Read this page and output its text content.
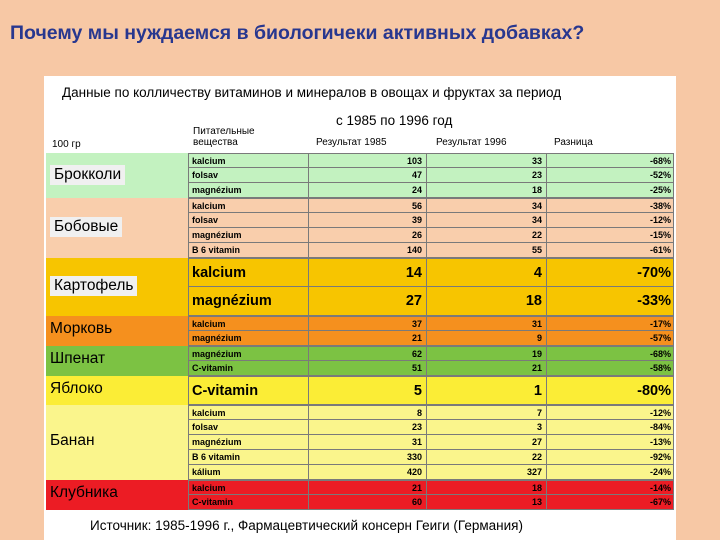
Почему мы нуждаемся в биологичеки активных добавках?
Данные по колличеству витаминов и минералов в овощах и фруктах за период
с 1985 по 1996 год
100 гр
Питательные вещества	Результат 1985	Результат 1996	Разница
Брокколи
kalcium	103	33	-68%
folsav	47	23	-52%
magnézium	24	18	-25%
Бобовые
kalcium	56	34	-38%
folsav	39	34	-12%
magnézium	26	22	-15%
B 6 vitamin	140	55	-61%
Картофель
kalcium	14	4	-70%
magnézium	27	18	-33%
Морковь	kalcium	37	31	-17%
magnézium	21	9	-57%
Шпенат	magnézium	62	19	-68%
C-vitamin	51	21	-58%
Яблоко	C-vitamin	5	1	-80%
Банан
kalcium	8	7	-12%
folsav	23	3	-84%
magnézium	31	27	-13%
B 6 vitamin	330	22	-92%
kálium	420	327	-24%
Клубника	kalcium	21	18	-14%
C-vitamin	60	13	-67%
Источник: 1985-1996 г., Фармацевтический консерн Геиги (Германия)
